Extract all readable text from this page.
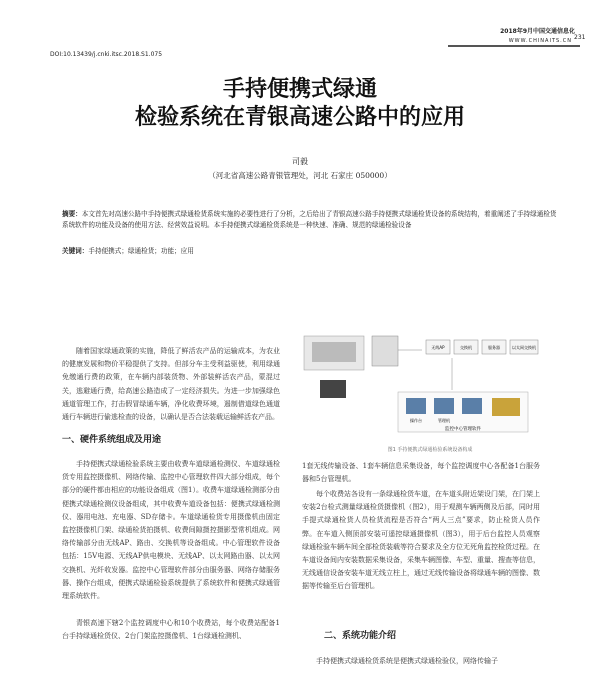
2018年9月中国交通信息化
231
WWW.CHINAITS.CN
DOI:10.13439/j.cnki.itsc.2018.S1.075
手持便携式绿通
检验系统在青银高速公路中的应用
司毅
（河北省高速公路青银管理处，河北 石家庄 050000）
摘要：本文首先对高速公路中手持便携式绿通检货系统实施的必要性进行了分析，之后给出了青银高速公路手持便携式绿通检货设备的系统结构，着重阐述了手持绿通检货系统软件的功能及设备的使用方法、经营效益说明。本手持便携式绿通检货系统是一种快速、准确、规范的绿通检验设备
关键词：手持便携式；绿通检货；功能；应用
随着国家绿通政策的实施，降低了鲜活农产品的运输成本，为农业的健康发展和物价平稳提供了支持。但部分车主受利益驱使，利用绿通免缴通行费的政策，在车辆内部装货物、外部装鲜活农产品，蒙混过关，逃避通行费，给高速公路造成了一定经济损失。为进一步加强绿色通道管理工作，打击假冒绿通车辆，净化收费环境，遏制借道绿色通道通行车辆进行偷逃检查的设备，以确认是否合法装载运输鲜活农产品。
一、硬件系统组成及用途
手持便携式绿通检验系统主要由收费车道绿通检测仪、车道绿通检货专用监控摄像机、网络传输、监控中心管理软件四大部分组成，每个部分的硬件都由相应的功能设备组成（图1）。收费车道绿通检测部分由便携式绿通检测仪设备组成，其中收费车道设备包括：便携式绿通检测仪、器用电池、充电器、SD存储卡。车道绿通检货专用摄像机由固定监控摄像机门架、绿通检货拍摄机、收费间隙摄控摄影型常机组成。网络传输部分由无线AP、路由、交换机等设备组成。中心管理软件设备包括：15V电源、无线AP供电模块、无线AP、以太网路由器、以太网交换机、光纤收发器。监控中心管理软件部分由服务器、网络存储服务器、操作台组成，便携式绿通检验系统提供了系统软件和便携式绿通管理系统软件。
青银高速下辖2个监控调度中心和10个收费站，每个收费站配备1台手持绿通检货仪、2台门架监控摄像机、1台绿通检测机、
无线AP	交换机	服务器	以太网交换机
操作台	管理机
监控中心管理软件
图1 手持便携式绿通检验系统设备构成
1套无线传输设备、1套车辆信息采集设备，每个监控调度中心各配备1台服务器和5台管理机。
每个收费站各设有一条绿通检货车道，在车道头附近架设门架，在门架上安装2台检式测量绿通检货摄像机（图2），用于观测车辆两侧及后部，同时用手提式绿通检货人员检货流程是否符合“两人三点”要求，防止检货人员作弊。在车道入侧顶部安装可遥控绿通摄像机（图3），用于后台监控人员观察绿通检验车辆车间全部检货装载等符合要求及全方位无死角监控检货过程。在车道设备间内安装数据采集设备，采集车辆图像、车型、重量、搜查等信息，无线通信设备安装车道无线立柱上，通过无线传输设备将绿通车辆的图像、数据等传输至后台管理机。
二、系统功能介绍
手持便携式绿通检货系统是便携式绿通检验仪，网络传输子
